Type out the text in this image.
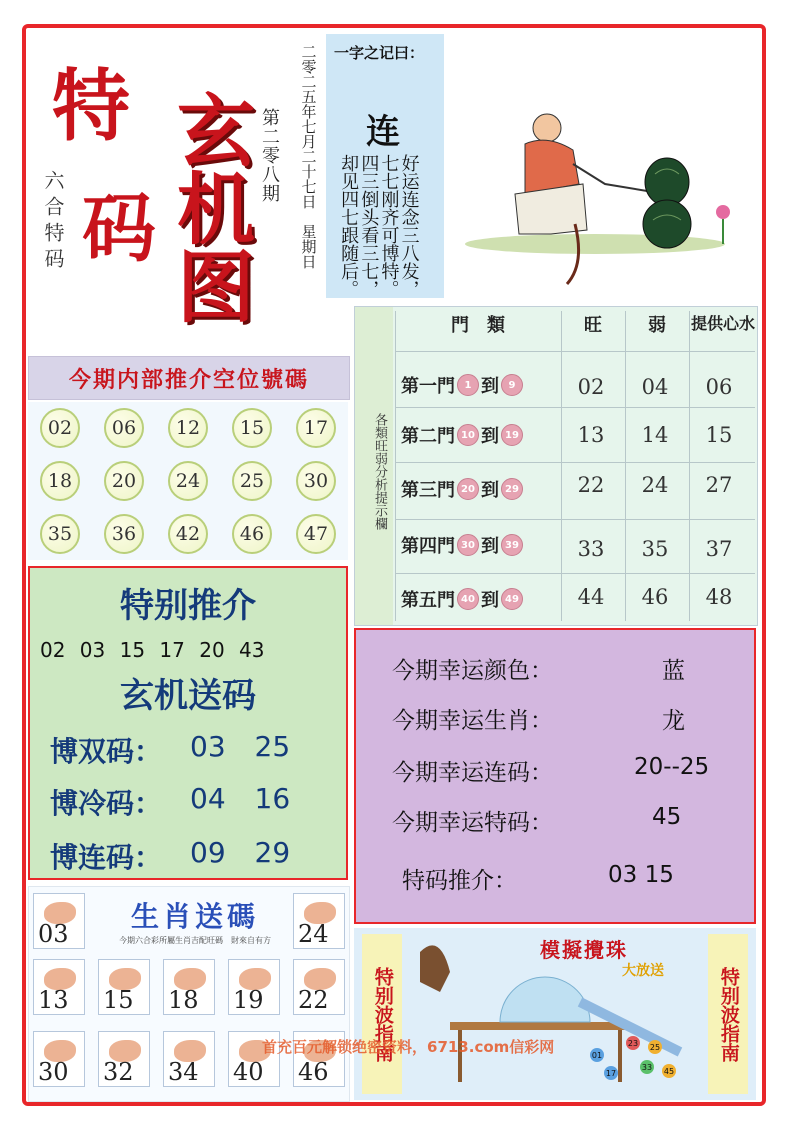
特
码
六合特码 玄机图 第二零八期 二零二五年七月二十七日　星期日 一字之记曰：
连
好运连念三八发， 七七刚齐可博特。 四三倒头看三七， 却见四七跟随后。
今期内部推介空位號碼
02	06	12	15	17
18	20	24	25	30
35	36	42	46	47
各類旺弱分析提示欄
門　類	旺	弱	提供心水
第一門 1 到 9	02	04	06
第二門 10 到 19	13	14	15
第三門 20 到 29	22	24	27
第四門 30 到 39	33	35	37
第五門 40 到 49	44	46	48
特别推介
02 03 15 17 20 43
玄机送码
博双码： 03 25
博冷码： 04 16
博连码： 09 29
今期幸运颜色：	蓝
今期幸运生肖：	龙
今期幸运连码：	20--25
今期幸运特码：	45
特码推介：	03 15
生肖送碼
今期六合彩所屬生肖吉配旺碼　財來自有方
03	24
13 15 18 19 22
30 32 34 40 46
特别波指南	特别波指南
模擬攪珠
大放送
01
23
33
25
17	45
首充百元解锁绝密资料，6713.com信彩网
